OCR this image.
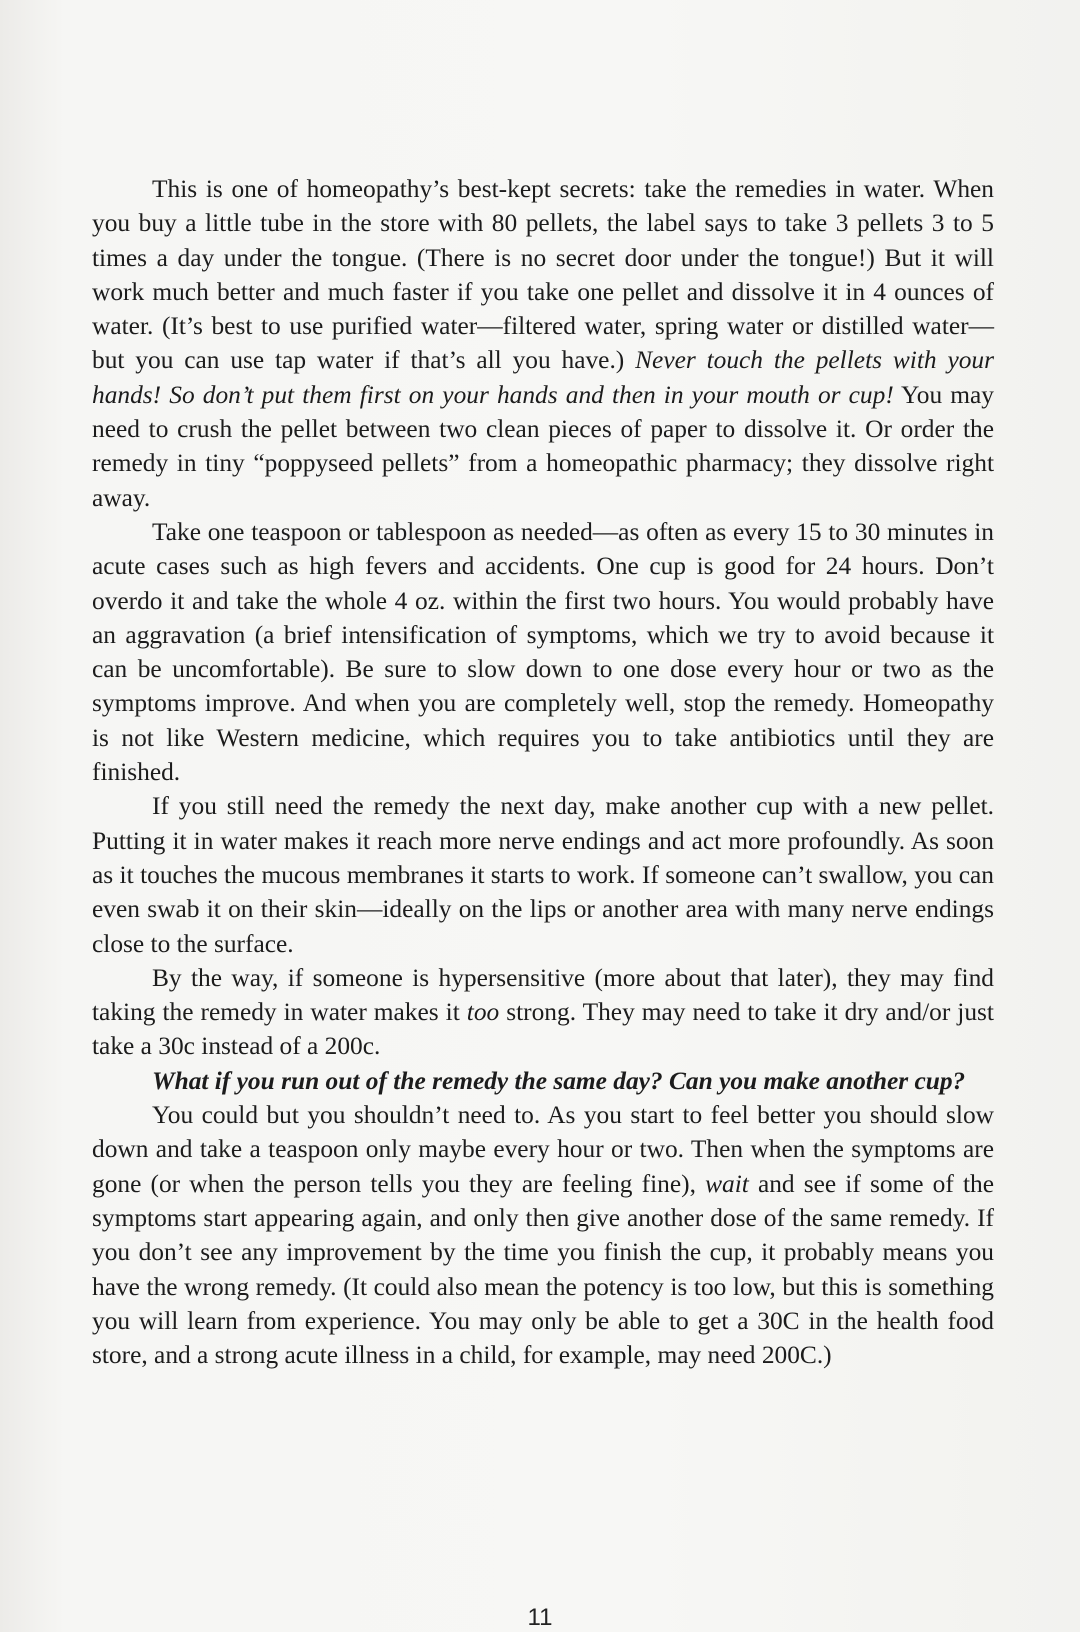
This is one of homeopathy’s best-kept secrets: take the remedies in water. When you buy a little tube in the store with 80 pellets, the label says to take 3 pellets 3 to 5 times a day under the tongue. (There is no secret door under the tongue!) But it will work much better and much faster if you take one pellet and dissolve it in 4 ounces of water. (It’s best to use purified water—filtered water, spring water or distilled water—but you can use tap water if that’s all you have.) Never touch the pellets with your hands! So don’t put them first on your hands and then in your mouth or cup! You may need to crush the pellet between two clean pieces of paper to dissolve it. Or order the remedy in tiny “poppyseed pellets” from a homeopathic pharmacy; they dissolve right away.

Take one teaspoon or tablespoon as needed—as often as every 15 to 30 minutes in acute cases such as high fevers and accidents. One cup is good for 24 hours. Don’t overdo it and take the whole 4 oz. within the first two hours. You would probably have an aggravation (a brief intensification of symptoms, which we try to avoid because it can be uncomfortable). Be sure to slow down to one dose every hour or two as the symptoms improve. And when you are completely well, stop the remedy. Homeopathy is not like Western medicine, which requires you to take antibiotics until they are finished.

If you still need the remedy the next day, make another cup with a new pellet. Putting it in water makes it reach more nerve endings and act more profoundly. As soon as it touches the mucous membranes it starts to work. If someone can’t swallow, you can even swab it on their skin—ideally on the lips or another area with many nerve endings close to the surface.

By the way, if someone is hypersensitive (more about that later), they may find taking the remedy in water makes it too strong. They may need to take it dry and/or just take a 30c instead of a 200c.

What if you run out of the remedy the same day? Can you make another cup?

You could but you shouldn’t need to. As you start to feel better you should slow down and take a teaspoon only maybe every hour or two. Then when the symptoms are gone (or when the person tells you they are feeling fine), wait and see if some of the symptoms start appearing again, and only then give another dose of the same remedy. If you don’t see any improvement by the time you finish the cup, it probably means you have the wrong remedy. (It could also mean the potency is too low, but this is something you will learn from experience. You may only be able to get a 30C in the health food store, and a strong acute illness in a child, for example, may need 200C.)

11
